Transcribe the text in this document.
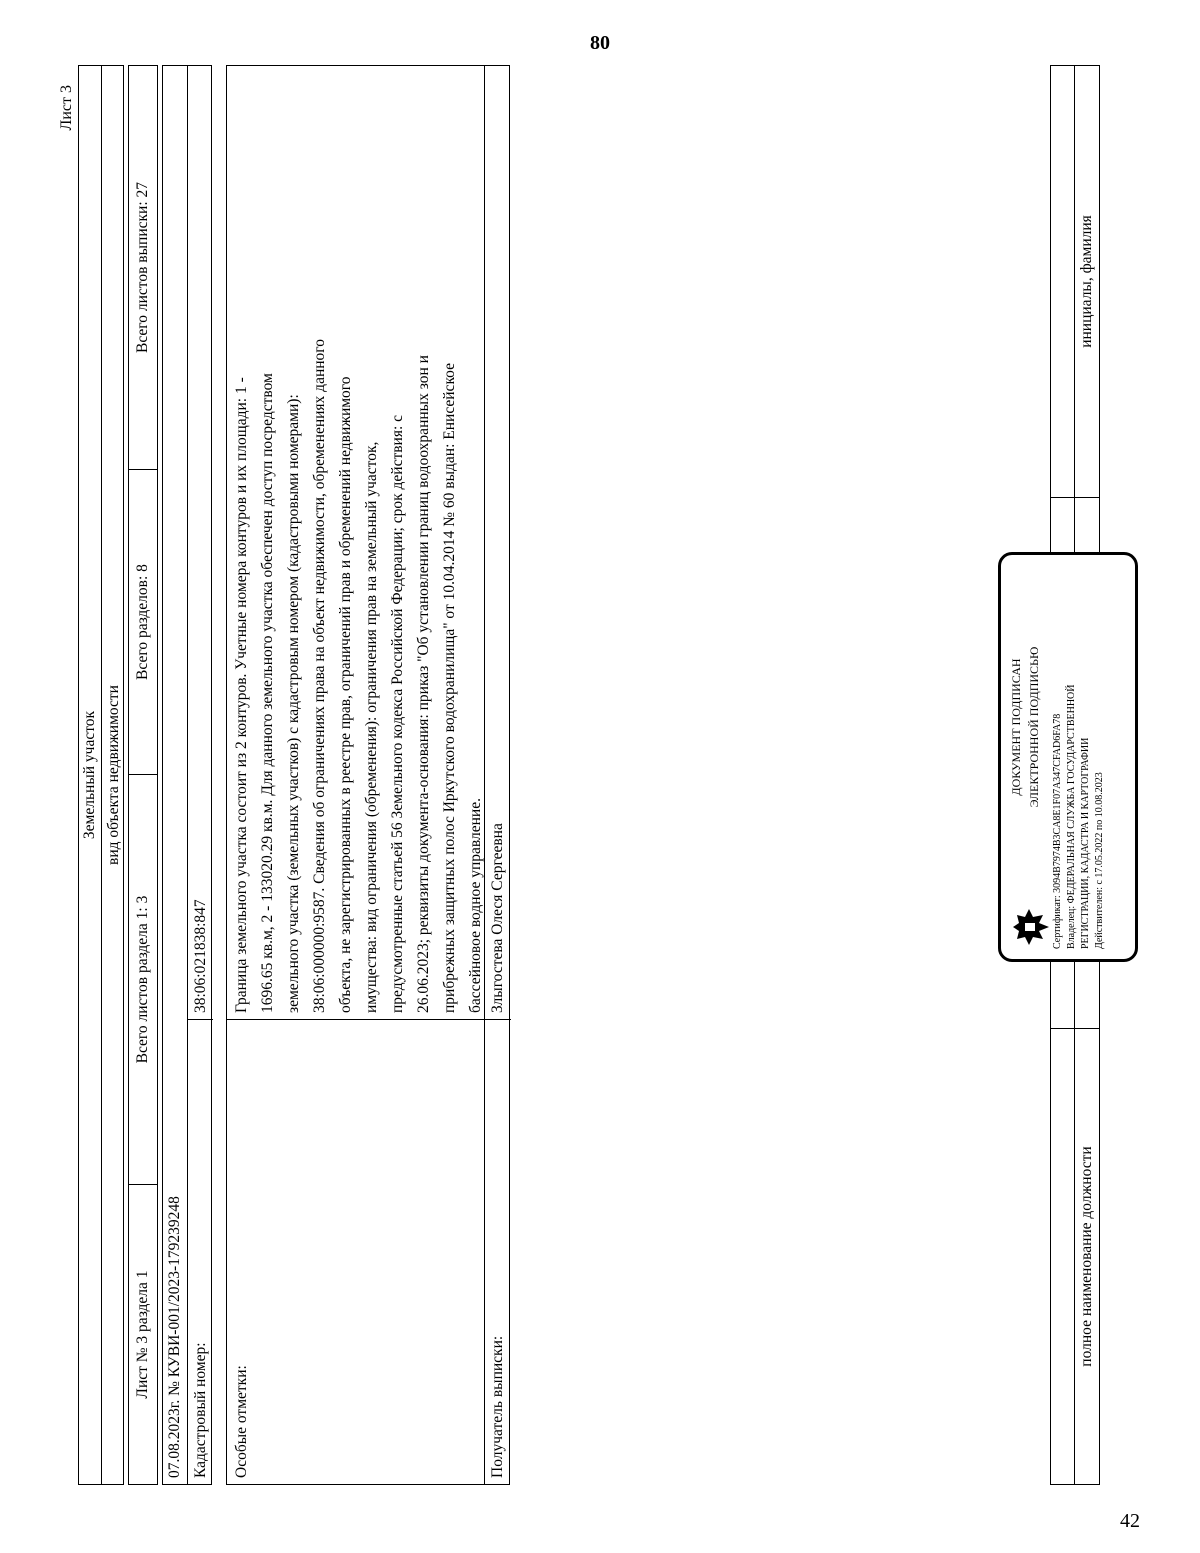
80
42
Лист 3
Земельный участок вид объекта недвижимости
Лист № 3 раздела 1
Всего листов раздела 1: 3
Всего разделов: 8
Всего листов выписки: 27
07.08.2023г. № КУВИ-001/2023-179239248 Кадастровый номер:
38:06:021838:847
Особые отметки:
Граница земельного участка состоит из 2 контуров. Учетные номера контуров и их площади: 1 - 1696.65 кв.м, 2 - 133020.29 кв.м. Для данного земельного участка обеспечен доступ посредством земельного участка (земельных участков) с кадастровым номером (кадастровыми номерами): 38:06:000000:9587. Сведения об ограничениях права на объект недвижимости, обременениях данного объекта, не зарегистрированных в реестре прав, ограничений прав и обременений недвижимого имущества: вид ограничения (обременения): ограничения прав на земельный участок, предусмотренные статьей 56 Земельного кодекса Российской Федерации; срок действия: с 26.06.2023; реквизиты документа-основания: приказ "Об установлении границ водоохранных зон и прибрежных защитных полос Иркутского водохранилища" от 10.04.2014 № 60 выдан: Енисейское бассейновое водное управление.
Получатель выписки:
Злыгостева Олеся Сергеевна
полное наименование должности
инициалы, фамилия
ДОКУМЕНТ ПОДПИСАН ЭЛЕКТРОННОЙ ПОДПИСЬЮ Сертификат: 3094B7974B3CA8E1F07A347CFAD6FA78 Владелец: ФЕДЕРАЛЬНАЯ СЛУЖБА ГОСУДАРСТВЕННОЙ РЕГИСТРАЦИИ, КАДАСТРА И КАРТОГРАФИИ Действителен: с 17.05.2022 по 10.08.2023
